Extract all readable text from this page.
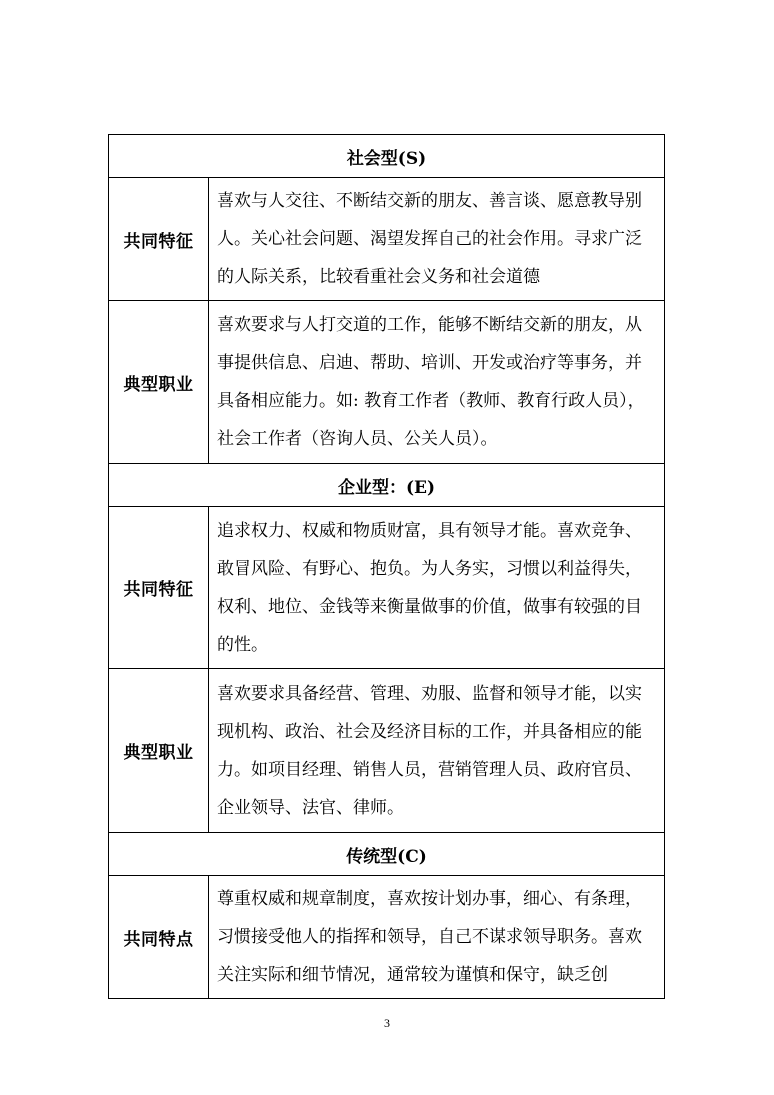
社会型(S)	
共同特征	喜欢与人交往、不断结交新的朋友、善言谈、愿意教导别人。关心社会问题、渴望发挥自己的社会作用。寻求广泛的人际关系，比较看重社会义务和社会道德
典型职业	喜欢要求与人打交道的工作，能够不断结交新的朋友，从事提供信息、启迪、帮助、培训、开发或治疗等事务，并具备相应能力。如: 教育工作者（教师、教育行政人员），社会工作者（咨询人员、公关人员）。
企业型：(E)	
共同特征	追求权力、权威和物质财富，具有领导才能。喜欢竞争、敢冒风险、有野心、抱负。为人务实，习惯以利益得失，权利、地位、金钱等来衡量做事的价值，做事有较强的目的性。
典型职业	喜欢要求具备经营、管理、劝服、监督和领导才能，以实现机构、政治、社会及经济目标的工作，并具备相应的能力。如项目经理、销售人员，营销管理人员、政府官员、企业领导、法官、律师。
传统型(C)	
共同特点	尊重权威和规章制度，喜欢按计划办事，细心、有条理，习惯接受他人的指挥和领导，自己不谋求领导职务。喜欢关注实际和细节情况，通常较为谨慎和保守，缺乏创
3
